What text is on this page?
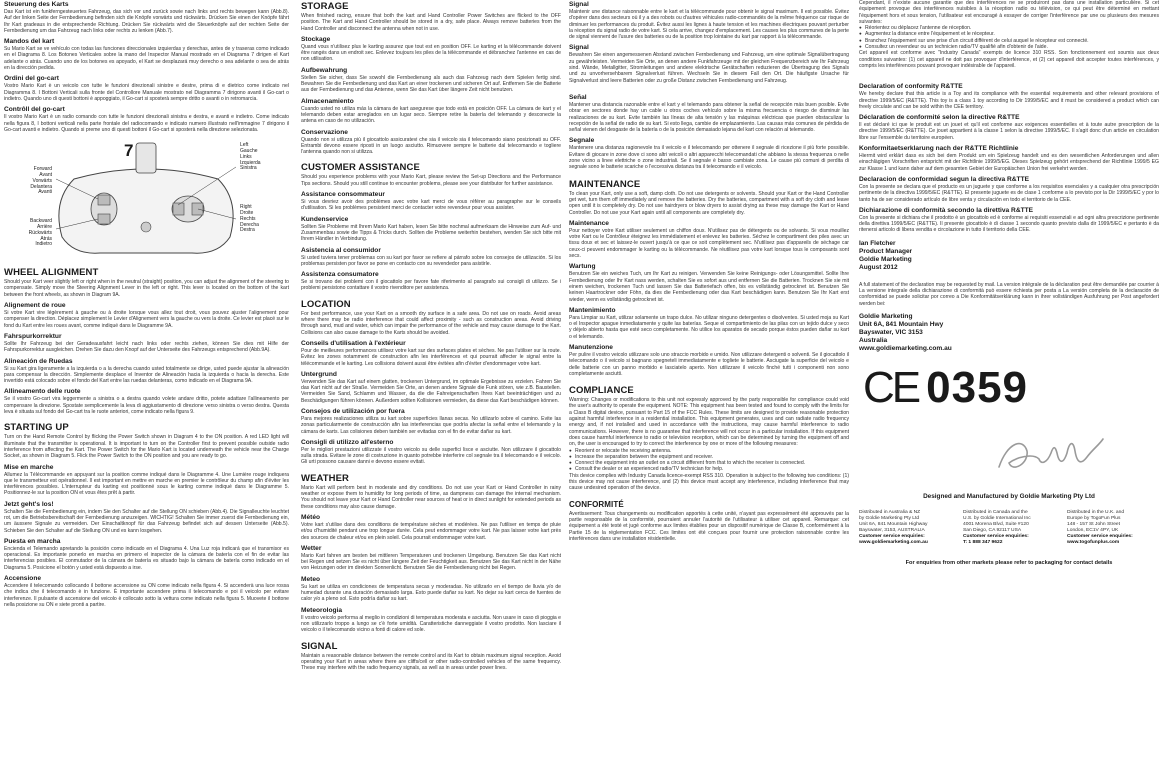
Steuerung des Karts

Das Kart ist ein funkferngesteuertes Fahrzeug, das sich vor und zurück sowie nach links und rechts bewegen kann (Abb.8). Auf der linken Seite der Fernbedienung befinden sich die Knöpfe vorwärts und rückwärts. Drücken Sie einen der Knöpfe fährt Ihr Kart gradeaus in die entsprechende Richtung. Drücken Sie rückwärts wird die Steuerknöpfe auf der rechten Seite der Fernbedienung um das Fahrzeug nach links oder rechts zu lenken (Abb.7).

Mandos del kart

Su Mario Kart se ve vehículo con todas las funciones direccionales izquierdas y derechas, antes de y traseras como indicado en el Diagrama 8. Los Botones Verticales sobre la mano del Inspector Manual mostrado en el Diagrama 7 dirigen el Kart adelante o atrás. Cuando uno de los botones es apoyado, el Kart se desplazará muy derecho o sea adelante o sea de atrás en la dirección pedida.

Ordini del go-cart

Vostro Mario Kart è un veicolo con tutte le funzioni direzionali sinistre e destre, prima di e dietrico come indicato nel Diagramma 8. I Bottoni Verticali sulla fronte del Controllore Manuale mostrato nel Diagramma 7 dirigono avanti il Go-cart o indietro. Quando uno di questi bottoni è appoggiato, il Go-cart si sposterà sempre dritto o avanti o in retromarcia.

Contrôll del go-cart

Il vostro Mario Kart è un radio comando con tutte le funzioni direzionali sinistra e destra, e avanti e indietro. Come indicato nella figura 8, I bottoni verticali nella parte frontale del radiocomando e indicato numero illustrato nell'immagine 7 dirigono il Go-cart avanti e indietro. Quando si preme uno di questi bottoni il Go-cart si sposterà nella direzione selezionata.

7
Forward
Avant
Vorwärts
Delantera
Avanti
Backward
Arrière
Rückwärts
Atrás
Indietro
Left
Gauche
Links
Izquierda
Sinistra
Right
Droite
Rechts
Derecha
Destra
WHEEL ALIGNMENT

Should your Kart veer slightly left or right when in the neutral (straight) position, you can adjust the alignment of the steering to compensate. Simply move the Steering Alignment Lever in the left or right. This lever is located on the bottom of the kart between the front wheels, as shown in Diagram 9A.

Alignement de roue

Si votre Kart vire légèrement à gauche ou à droite lorsque vous allez tout droit, vous pouvez ajuster l'alignement pour compenser la direction. Déplacez simplement le Levier d'Alignement vers la gauche ou vers la droite. Ce levier est placé sur le fond du Kart entre les roues avant, comme indiqué dans le Diagramme 9A.

Fahrspurkorrektur

Sollte Ihr Fahrzeug bei der Geradeausfahrt leicht nach links oder rechts ziehen, können Sie dies mit Hilfe der Fahrspurkorrektur ausgleichen. Drehen Sie dazu den Knopf auf der Unterseite des Fahrzeugs entsprechend (Abb.9A).

Alineación de Ruedas

Si su Kart gira ligeramente a la izquierda o a la derecha cuando usted totalmente se dirige, usted puede ajustar la alineación para compensar la dirección. Simplemente desplace el Inventor de Alineación hacia la izquierda o hacia la derecha. Este invertido está colocado sobre el fondo del Kart entre las ruedas delanteras, como indicado en el Diagrama 9A.

Allineamento delle ruote

Se il vostro Go-cart vira leggermente a sinistra o a destra quando volete andare dritto, potete adattare l'allineamento per compensare la direzione. Spostate semplicemente la leva di aggiustamento di direzione verso sinistra o verso destra. Questa leva è situata sul fondo del Go-cart tra le ruote anteriori, come indicato nella figura 9.

STARTING UP

Turn on the Hand Remote Control by flicking the Power Switch shown in Diagram 4 to the ON position. A red LED light will illuminate that the transmitter is operational. It is important to turn on the Controller first to prevent possible outside radio interference from affecting the Kart. The Power Switch for the Mario Kart is located underneath the vehicle near the Charge Socket, as shown in Diagram 5. Flick the Power Switch to the ON position and you are ready to go.

Mise en marche

Allumez la Télécommande en appuyant sur la position comme indiqué dans le Diagramme 4. Une Lumière rouge indiquera que le transmetteur est opérationnel. Il est important en mettre en marche en premier le contrôleur du champ afin d'éviter les interférences possibles. L'interrupteur du karting est positionné sous le karting comme indiqué dans le Diagramme 5. Positionnez-le sur la position ON et vous êtes prêt à partir.

Jetzt geht's los!

Schalten Sie die Fernbedienung ein, indem Sie den Schalter auf die Stellung ON schieben (Abb.4). Die Signalleuchte leuchtet rot, um die Betriebsbereitschaft der Fernbedienung anzuzeigen. WICHTIG! Schalten Sie immer zuerst die Fernbedienung ein, um äussere Signale zu vermeiden. Der Einschaltknopf für das Fahrzeug befindet sich auf dessen Unterseite (Abb.5). Schieben Sie den Schalter auf die Stellung ON und es kann losgehen.

Puesta en marcha

Encienda el Telemando apretando la posición como indicado en el Diagrama 4. Una Luz roja indicará que el transmisor es operacional. Es importante ponerlo en marcha en primero el inspector de la cámara de batería con el fin de evitar las interferencias posibles. El conmutador de la cámara de batería es situado bajo la cámara de batería como indicado en el Diagrama 5. Posicione el botón y usted está dispuesto a irse.

Accensione

Accendere il telecomando collocando il bottone accensione su ON come indicato nella figura 4. Si accenderà una luce rossa che indica che il telecomando è in funzione. È importante accendere prima il telecomando e poi il veicolo per evitare interferenze. Il pulsante di accensione del veicolo è collocato sotto la vettura come indicato nella figura 5. Muovete il bottone nella posizione su ON e siete pronti a partire.

STORAGE

When finished racing, ensure that both the kart and Hand Controller Power Switches are flicked to the OFF position. The Kart and Hand Controller should be stored in a dry, safe place. Always remove batteries from the Hand Controller and disconnect the antenna when not in use.

Stockage

Quand vous n'utilisez plus le karting assurez que tout est en position OFF. Le karting et la télécommande doivent être rangés dans un endroit sec. Enlevez toujours les piles de la télécommande et débranchez l'antenne en cas de non utilisation.

Aufbewahrung

Stellen Sie sicher, dass Sie sowohl die Fernbedienung als auch das Fahrzeug nach dem Spielen fertig sind. Bewahren Sie die Fernbedienung und das Kart an einer trockenen und sicheren Ort auf. Entfernen Sie die Batterie aus der Fernbedienung und das Antenne, wenn Sie das Kart über längere Zeit nicht benutzen.

Almacenamiento

Cuando usted no utiliza más la cámara de kart asegurese que todo está en posición OFF. La cámara de kart y el telemando deben estar arreglados en un lugar seco. Siempre retire la batería del telemando y desconecte la antena en caso de no utilización.

Conservazione

Quando non si utilizza più il giocattolo assicuratevi che sia il veicolo sia il telecomando siano posizionati su OFF. Entrambi devono essere riposti in un luogo asciutto. Rimuovere sempre le batterie dal telecomando e togliere l'antenna quando non si utilizza.

CUSTOMER ASSISTANCE

Should you experience problems with your Mario Kart, please review the Set-up Directions and the Performance Tips sections. Should you still continue to encounter problems, please see your distributor for further assistance.

Assistance consommateur

Si vous devriez avoir des problèmes avec votre kart merci de vous référer au paragraphe sur le conseils d'utilisation. Si les problèmes persistent merci de contacter votre revendeur pour vous assister.

Kundenservice

Sollten Sie Probleme mit Ihrem Mario Kart haben, lesen Sie bitte nochmal aufmerksam die Hinweise zum Auf- und Zusammenbau sowie die Tipps & Tricks durch. Sollten die Probleme weiterhin bestehen, wenden Sie sich bitte mit Ihrem Händler in Verbindung.

Asistencia al consumidor

Si usted tuviera tener problemas con su kart por favor se refiere al párrafo sobre los consejos de utilización. Si los problemas persisten por favor se pone en contacto con su revendedor para asistirle.

Assistenza consumatore

Se si trovano dei problemi con il giocattolo per favore fate riferimento al paragrafo sui consigli di utilizzo. Se i problemi persistono contattare il vostro rivenditore per assistenza.

LOCATION

For best performance, use your Kart on a smooth dry surface in a safe area. Do not use on roads. Avoid areas where there may be radio interference that could affect proximity - such as construction areas. Avoid driving through sand, mud and water, which can impair the performance of the vehicle and may cause damage to the Kart. Collisions can also cause damage to the Karts should be avoided.

Conseils d'utilisation à l'extérieur

Pour de meilleures performances utilisez votre kart sur des surfaces plates et sèches. Ne pas l'utiliser sur la route. Évitez les zones notamment de construction afin les interférences et qui pourrait affecter le signal entre la télécommande et le karting. Les collisions doivent aussi être évitées afin d'éviter d'endommager votre kart.

Untergrund

Verwenden Sie das Kart auf einem glatten, trockenen Untergrund, im optimale Ergebnisse zu erzielen. Fahren Sie das Kart nicht auf der Straße. Vermeiden Sie Orte, an denen andere Signale die Funk stören, wie z.B. Baustellen. Vermeiden Sie Sand, Schlamm und Wasser, da die die Fahreigenschaften Ihres Kart beeinträchtigen und zu Beschädigungen führen können. Außerdem sollten Kollisionen vermieden, da diese das Kart beschädigen können.

Consejos de utilización por fuera

Para mejores realizaciones utiliza su kart sobre superficies llanas secas. No utilizarlo sobre el camino. Evite las zonas particularmente de construcción afin las interferencias que podría afectar la señal entre el telemando y la cámara de karts. Las colisiones deben también ser evitadas con el fin de evitar dañar su kart.

Consigli di utilizzo all'esterno

Per le migliori prestazioni utilizzate il vostro veicolo su delle superfici lisce e asciutte. Non utilizzare il giocattolo sulla strada. Evitare le zone di costruzione in quanto potrebbe interferire col segnale tra il telecomando e il veicolo. Gli urti possono causare danni e devono essere evitati.

WEATHER

Mario Kart will perform best in moderate and dry conditions. Do not use your Kart or Hand Controller in rainy weather or expose them to humidity for long periods of time, as dampness can damage the internal mechanism. You should not leave your Kart or Hand Controller near sources of heat or in direct sunlight for extended periods as these conditions may also cause damage.

Météo

Votre kart s'utilise dans des conditions de température sèches et modérées. Ne pas l'utiliser en temps de pluie et/ou d'humidité pendant une trop longue durée. Cela peut endommager votre kart. Ne pas laisser votre kart près des sources de chaleur et/ou en plein soleil. Cela pourrait endommager votre kart.

Wetter

Mario Kart fahren am besten bei mittleren Temperaturen und trockenen Umgebung. Benutzen Sie das Kart nicht bei Regen und setzen Sie es nicht über längere Zeit der Feuchtigkeit aus. Benutzen Sie das Kart nicht in der Nähe von Heizungen oder im direkten Sonnenlicht. Benutzen Sie die Fernbedienung nicht bei Regen.

Meteo

Su kart se utiliza en condiciones de temperatura secas y moderadas. No utilizarlo en el tiempo de lluvia y/o de humedad durante una duración demasiado larga. Esto puede dañar su kart. No dejar su kart cerca de fuentes de calor y/o a pleno sol. Esto podría dañar su kart.

Meteorologia

Il vostro veicolo performa al meglio in condizioni di temperatura moderata e asciutta. Non usare in caso di pioggia e non utilizzarlo troppo a lungo se c'è forte umidità. Caratteristiche danneggiate il vostro prodotto. Non lasciare il veicolo o il telecomando vicino a fonti di calore ed sole.

SIGNAL

Maintain a reasonable distance between the remote control and its Kart to obtain maximum signal reception. Avoid operating your Kart in areas where there are cliffs/cell or other radio-controlled vehicles of the same frequency. These may interfere with the radio frequency signals, as well as in areas under power lines.

Signal

Maintenir une distance raisonnable entre le kart et la télécommande pour obtenir le signal maximum. Il est possible. Évitez d'opérer dans des secteurs où il y a des robots ou d'autres véhicules radio-commandés de la même fréquence car risque de diminuer les performances du produit. Évitez aussi les lignes à haute tension et les machines électriques pouvant perturber la réception du signal radio de votre kart. Si cela arrive, changez d'emplacement. Les causes les plus communes de la perte de signal viennent de l'usure des batteries ou de la position trop lointaine du kart par rapport à la télécommande.

Signal

Bewahren Sie einen angemessenen Abstand zwischen Fernbedienung und Fahrzeug, um eine optimale Signalübertragung zu gewährleisten. Vermeiden Sie Orte, an denen andere Funkfahrzeuge mit der gleichen Frequenzbereich wie Ihr Fahrzeug sind. Wände, Metallgitter, Stromleitungen und andere elektrische Gerätschaften reduzieren die Übertragung des Signals und zu unvorhersehbarem Signalverlust führen. Wechseln Sie in diesem Fall den Ort. Die häufigste Ursache für Signalverlust sind leere Batterien oder zu große Distanz zwischen Fernbedienung und Fahrzeug.

Señal

Mantener una distancia razonable entre el kart y el telemando para obtener la señal de recepción más buen posible. Evite obrar en sectores donde hay un cable u otros coches vehículo sobre la misma frecuencia o riesgo de disminuir las realizaciones de su kart. Evite también las líneas de alta tensión y las máquinas eléctricas que pueden obstaculizar la recepción de la señal de radio de su kart. Si esto llega, cambie de emplazamiento. Las causas más comunes de pérdida de señal vienen del desgaste de la batería o de la posición demasiado lejana del kart con relación al telemando.

Segnale

Mantenere una distanza ragionevole tra il veicolo e il telecomando per ottenere il segnale di ricezione il più forte possibile. Evitare di giocare in zone dove ci sono altri veicoli o altri apparecchi telecomandati che abbiano la stessa frequenza o nelle zone vicino a linee elettriche o zone industriali. Se il segnale è basso cambiate zona. Le cause più comuni di perdita di segnale sono le batterie scariche o l'eccessiva distanza tra il telecomando e il veicolo.

MAINTENANCE

To clean your Kart, only use a soft, damp cloth. Do not use detergents or solvents. Should your Kart or the Hand Controller get wet, turn them off immediately and remove the batteries. Dry the batteries, compartment with a soft dry cloth and leave open until it is completely dry. Do not use hairdryers or blow dryers to assist drying as these may damage the Kart or Hand Controller. Do not use your Kart again until all components are completely dry.

Maintenance

Pour nettoyer votre Kart utiliser seulement un chiffon doux. N'utilisez pas de détergents ou de solvants. Si vous mouillez votre Kart ou le Contrôleur éteignez les immédiatement et enlevez les batteries. Séchez le compartiment des piles avec un tissu doux et sec et laissez-le ouvert jusqu'à ce que ce soit complètement sec. N'utilisez pas d'appareils de séchage car ceux-ci peuvent endommager le karting ou la télécommande. Ne réutilisez pas votre kart lorsque tous le composants sont secs.

Wartung

Benutzen Sie ein weiches Tuch, um Ihr Kart zu reinigen. Verwenden Sie keine Reinigungs- oder Lösungsmittel. Sollte Ihre Fernbedienung oder Ihr Kart nass werden, schalten Sie es sofort aus und entfernen Sie die Batterien. Trocknen Sie sie mit einem weichen, trockenen Tuch und lassen Sie das Batteriefach offen, bis es vollständig getrocknet ist. Benutzen Sie keinen Haartrockner oder Föhn, da dies die Fernbedienung oder das Kart beschädigen kann. Benutzen Sie Ihr Kart erst wieder, wenn es vollständig getrocknet ist.

Mantenimiento

Para Limpiar su Kart, utilizar solamente un trapo dulce. No utilizar ninguno detergentes o disolventes. Si usted moja su Kart o el Inspector apague inmediatamente y quite las baterías. Seque el compartimiento de las pilas con un tejido dulce y seco y déjelo abierto hasta que esté seco completamente. No utilice los aparatos de secado porque éstos pueden dañar su kart o el telemando.

Manutenzione

Per pulire il vostro veicolo utilizzare solo uno straccio morbido e umido. Non utilizzare detergenti o solventi. Se il giocattolo il telecomando o il veicolo si bagnano spegneteli immediatamente e togliete le batterie. Asciugate la superficie del veicolo e delle batterie con un panno morbido e lasciatelo aperto. Non utilizzare il veicolo finché tutti i componenti non sono completamente asciutti.

COMPLIANCE

Warning: Changes or modifications to this unit not expressly approved by the party responsible for compliance could void the user's authority to operate the equipment. NOTE: This equipment has been tested and found to comply with the limits for a Class B digital device, pursuant to Part 15 of the FCC Rules. These limits are designed to provide reasonable protection against harmful interference in a residential installation. This equipment generates, uses and can radiate radio frequency energy and, if not installed and used in accordance with the instructions, may cause harmful interference to radio communications. However, there is no guarantee that interference will not occur in a particular installation. If this equipment does cause harmful interference to radio or television reception, which can be determined by turning the equipment off and on, the user is encouraged to try to correct the interference by one or more of the following measures:

● Reorient or relocate the receiving antenna.
● Increase the separation between the equipment and receiver.
● Connect the equipment into an outlet on a circuit different from that to which the receiver is connected.
● Consult the dealer or an experienced radio/TV technician for help.

This device complies with Industry Canada licence-exempt RSS 310. Operation is subject to the following two conditions: (1) this device may not cause interference, and (2) this device must accept any interference, including interference that may cause undesired operation of the device.

CONFORMITÉ

Avertissement: Tous changements ou modification apportés à cette unité, n'ayant pas expressément été approuvés par la partie responsable de la conformité, pourraient annuler l'autorité de l'utilisateur à utiliser cet appareil. Remarque: cet équipement a été testé et jugé conforme aux limites établies pour un dispositif numérique de Classe B, conformément à la Partie 15 de la réglementation FCC. Ces limites ont été conçues pour fournir une protection raisonnable contre les interférences dans une installation résidentielle.

Cependant, il n'existe aucune garantie que des interférences ne se produiront pas dans une installation particulière. Si cet équipement provoque des interférences nuisibles à la réception radio ou télévision, ce qui peut être déterminé en mettant l'équipement hors et sous tension, l'utilisateur est encouragé à essayer de corriger l'interférence par une ou plusieurs des mesures suivantes:

● Réorientez ou déplacez l'antenne de réception.
● Augmentez la distance entre l'équipement et le récepteur.
● Branchez l'équipement sur une prise d'un circuit différent de celui auquel le récepteur est connecté.
● Consultez un revendeur ou un technicien radio/TV qualifié afin d'obtenir de l'aide.

Cet appareil est conforme avec "Industry Canada" exempts de licence 310 RSS. Son fonctionnement est soumis aux deux conditions suivantes: (1) cet appareil ne doit pas provoquer d'interférence, et (2) cet appareil doit accepter toutes interférences, y compris les interférences pouvant provoquer indésirable de l'appareil.

Declaration of conformity R&TTE

We hereby declare that this article is a Toy and its compliance with the essential requirements and other relevant provisions of directive 1999/5/EC (R&TTE). This toy is a class 1 toy according to Dir 1999/5/EC and it must be considered a product which can freely circulate and can be sold within the CEE territory.

Déclaration de conformité selon la directive R&TTE

Il est déclaré ici que le produit est un jouet et qu'il est conforme aux exigences essentielles et à toute autre prescription de la directive 1999/5/EC (R&TTE). Ce jouet appartient à la classe 1 selon la directive 1999/5/EC. Il s'agit donc d'un article en circulation libre sur l'ensemble du territoire européen.

Konformitaetserklarung nach der R&TTE Richtlinie

Hiermit wird erklärt dass es sich bei dem Produkt um ein Spielzeug handelt und es den wesentlichen Anforderungen und allen einschlägigen Vorschriften entspricht mit der Richtlinie 1999/5/EG. Dieses Spielzeug gehört entsprechend der Richtlinie 1999/5 EG zur Klasse 1 und kann daher auf dem gesamten Gebiet der Europäischen Union frei verkehrt werden.

Declaracion de conformidad segun la directiva R&TTE

Con la presente se declara que el producto es un juguete y que conforme a los requisitos esenciales y a cualquier otra prescripción pertinente de la directiva 1999/5/EC (R&TTE). El presente juguete es de clase 1 conforme a lo previsto por la Dir 1999/5/EC y por lo tanto ha de ser considerado artículo de libre venta y circulación en todo el territorio de la CEE.

Dichiarazione di conformità secondo la direttiva R&TTE

Con la presente si dichiara che il prodotto è un giocattolo ed è conforme ai requisiti essenziali e ad ogni altra prescrizione pertinente della direttiva 1999/5/EC (R&TTE). Il presente giocattolo è di classe 1 secondo quanto previsto dalla dir 1999/5/EC e pertanto è da ritenersi articolo di libera vendita e circolazione in tutto il territorio della CEE.

Ian Fletcher
Product Manager
Goldie Marketing
August 2012

A full statement of the declaration may be requested by mail. La version intégrale de la déclaration peut être demandée par courrier à La versione integrale della dichiarazione di conformità può essere richiesta per posta a La versión completa de la declaración de conformidad se puede solicitar por correo a Die Konformitätserklärung kann in ihrer vollständigen Ausfuhrung per Post angefordert werden bei:

Goldie Marketing
Unit 6A, 841 Mountain Hwy
Bayswater, VIC 3153
Australia
www.goldiemarketing.com.au
CE 0359
Designed and Manufactured by Goldie Marketing Pty Ltd
Distributed in Australia & NZ
by Goldie Marketing Pty Ltd
Unit 6A, 841 Mountain Highway
Bayswater, 3153, AUSTRALIA
Customer service enquiries:
www.goldiemarketing.com.au
Distributed in Canada and the
U.S. by Goldie International Inc
4001 Morena Blvd, Suite #120
San Diego, CA 92117 USA
Customer service enquiries:
T: 1 888 347 9622
Distributed in the U.K. and
Europe by TogoFun Plus
148 - 157 St John Street
London, EC1V 4PY, UK
Customer service enquiries:
www.togofunplus.com
For enquiries from other markets please refer to packaging for contact details
